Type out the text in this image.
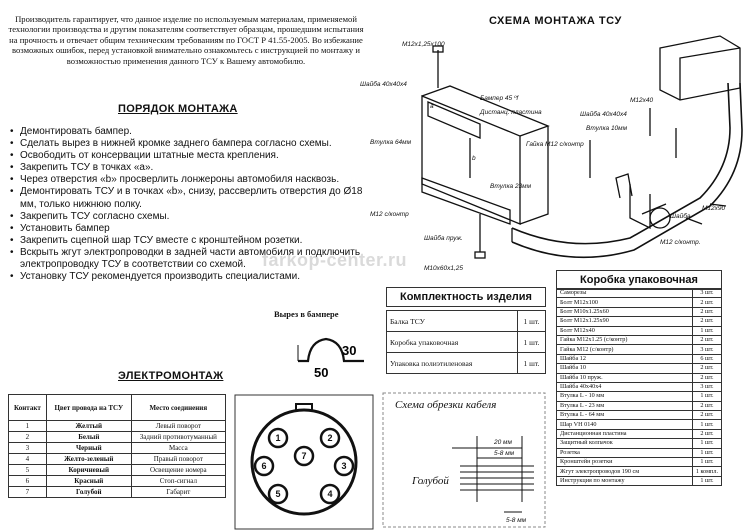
Производитель гарантирует, что данное изделие по используемым материалам, применяемой технологии производства и другим показателям соответствует образцам, прошедшим испытания на прочность и отвечает общим техническим требованиям по ГОСТ Р 41.55-2005. Во избежание возможных ошибок, перед установкой внимательно ознакомьтесь с инструкцией по монтажу и возможностью применения данного ТСУ к Вашему автомобилю.

ПОРЯДОК МОНТАЖА
• Демонтировать бампер.
• Сделать вырез в нижней кромке заднего бампера согласно схемы.
• Освободить от консервации штатные места крепления.
• Закрепить ТСУ в точках «а».
• Через отверстия «b» просверлить лонжероны автомобиля насквозь.
• Демонтировать ТСУ и в точках «b», снизу, рассверлить отверстия до Ø18 мм, только нижнюю полку.
• Закрепить ТСУ согласно схемы.
• Установить бампер
• Закрепить сцепной шар ТСУ вместе с кронштейном розетки.
• Вскрыть жгут электропроводки в задней части автомобиля и подключить электропроводку ТСУ в соответствии со схемой.
• Установку ТСУ рекомендуется производить специалистами.
Вырез в бампере
30
50
СХЕМА МОНТАЖА ТСУ
M12x1,25x100
Шайба 40x40x4
Бампер 45 ºf
Дистанц. пластина
Втулка 64мм	Гайка М12 с/контр
Втулка 23мм
М12 с/контр
Шайба пруж.
М10x60x1,25
Шайба 40x40x4
М12x40
Втулка 10мм
Шайба
М12x90
М12 с/контр.
a
b
farkop-center.ru
ЭЛЕКТРОМОНТАЖ
Контакт	Цвет провода на ТСУ	Место соединения
1	Желтый	Левый поворот
2	Белый	Задний противотуманный
3	Черный	Масса
4	Желто-зеленый	Правый поворот
5	Коричневый	Освещение номера
6	Красный	Стоп-сигнал
7	Голубой	Габарит
1	2
3
4
5
6
7
Комплектность изделия
Балка ТСУ	1 шт.
Коробка упаковочная	1 шт.
Упаковка полиэтиленовая	1 шт.
Коробка упаковочная
Саморезы	3 шт.
Болт М12х100	2 шт.
Болт М10х1.25х60	2 шт.
Болт М12х1.25х90	2 шт.
Болт М12х40	1 шт.
Гайка М12х1.25 (с/контр)	2 шт.
Гайка М12 (с/контр)	3 шт.
Шайба 12	6 шт.
Шайба 10	2 шт.
Шайба 10 пруж.	2 шт.
Шайба 40х40х4	3 шт.
Втулка L - 10 мм	1 шт.
Втулка L - 23 мм	2 шт.
Втулка L - 64 мм	2 шт.
Шар VH 0140	1 шт.
Дистанционная пластина	2 шт.
Защитный колпачок	1 шт.
Розетка	1 шт.
Кронштейн розетки	1 шт.
Жгут электропроводов 190 см	1 компл.
Инструкция по монтажу	1 шт.
20 мм
5-8 мм
5-8 мм
Голубой
Схема обрезки кабеля
